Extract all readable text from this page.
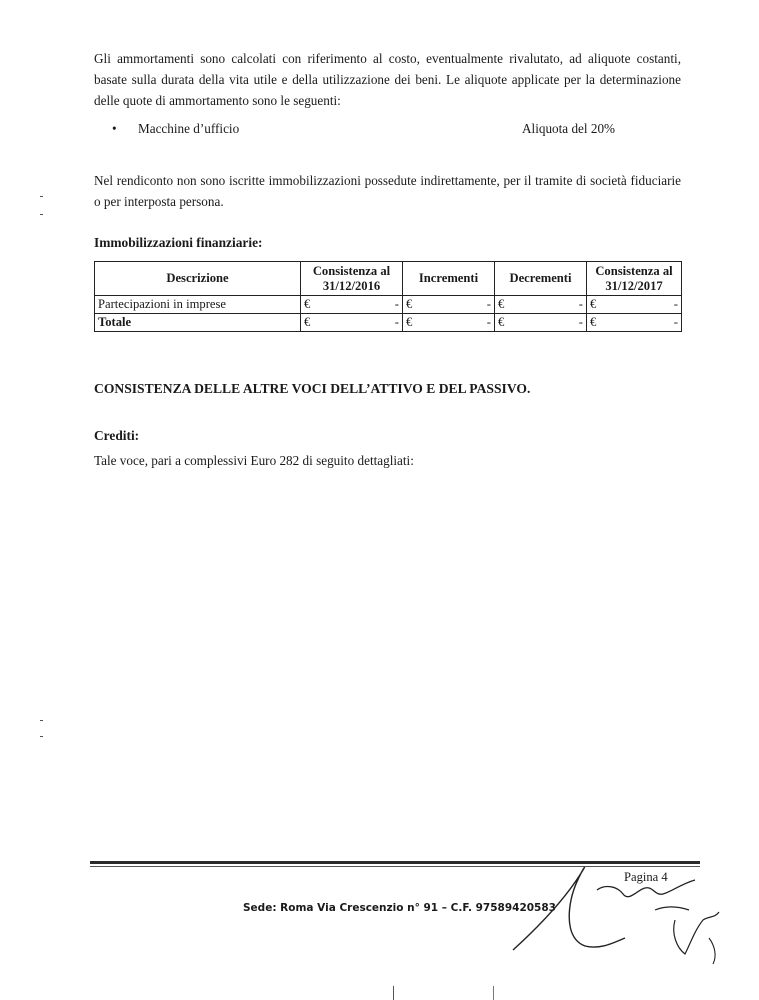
Gli ammortamenti sono calcolati con riferimento al costo, eventualmente rivalutato, ad aliquote costanti, basate sulla durata della vita utile e della utilizzazione dei beni. Le aliquote applicate per la determinazione delle quote di ammortamento sono le seguenti:

• Macchine d’ufficio	Aliquota del 20%

Nel rendiconto non sono iscritte immobilizzazioni possedute indirettamente, per il tramite di società fiduciarie o per interposta persona.

Immobilizzazioni finanziarie:
Descrizione	Consistenza al 31/12/2016	Incrementi	Decrementi	Consistenza al 31/12/2017
Partecipazioni in imprese	€ -	€ -	€ -	€ -

Totale	€ -	€ -	€ -	€ -
CONSISTENZA DELLE ALTRE VOCI DELL’ATTIVO E DEL PASSIVO.
Crediti:

Tale voce, pari a complessivi Euro 282 di seguito dettagliati:

Pagina 4
Sede: Roma Via Crescenzio n° 91 – C.F. 97589420583
